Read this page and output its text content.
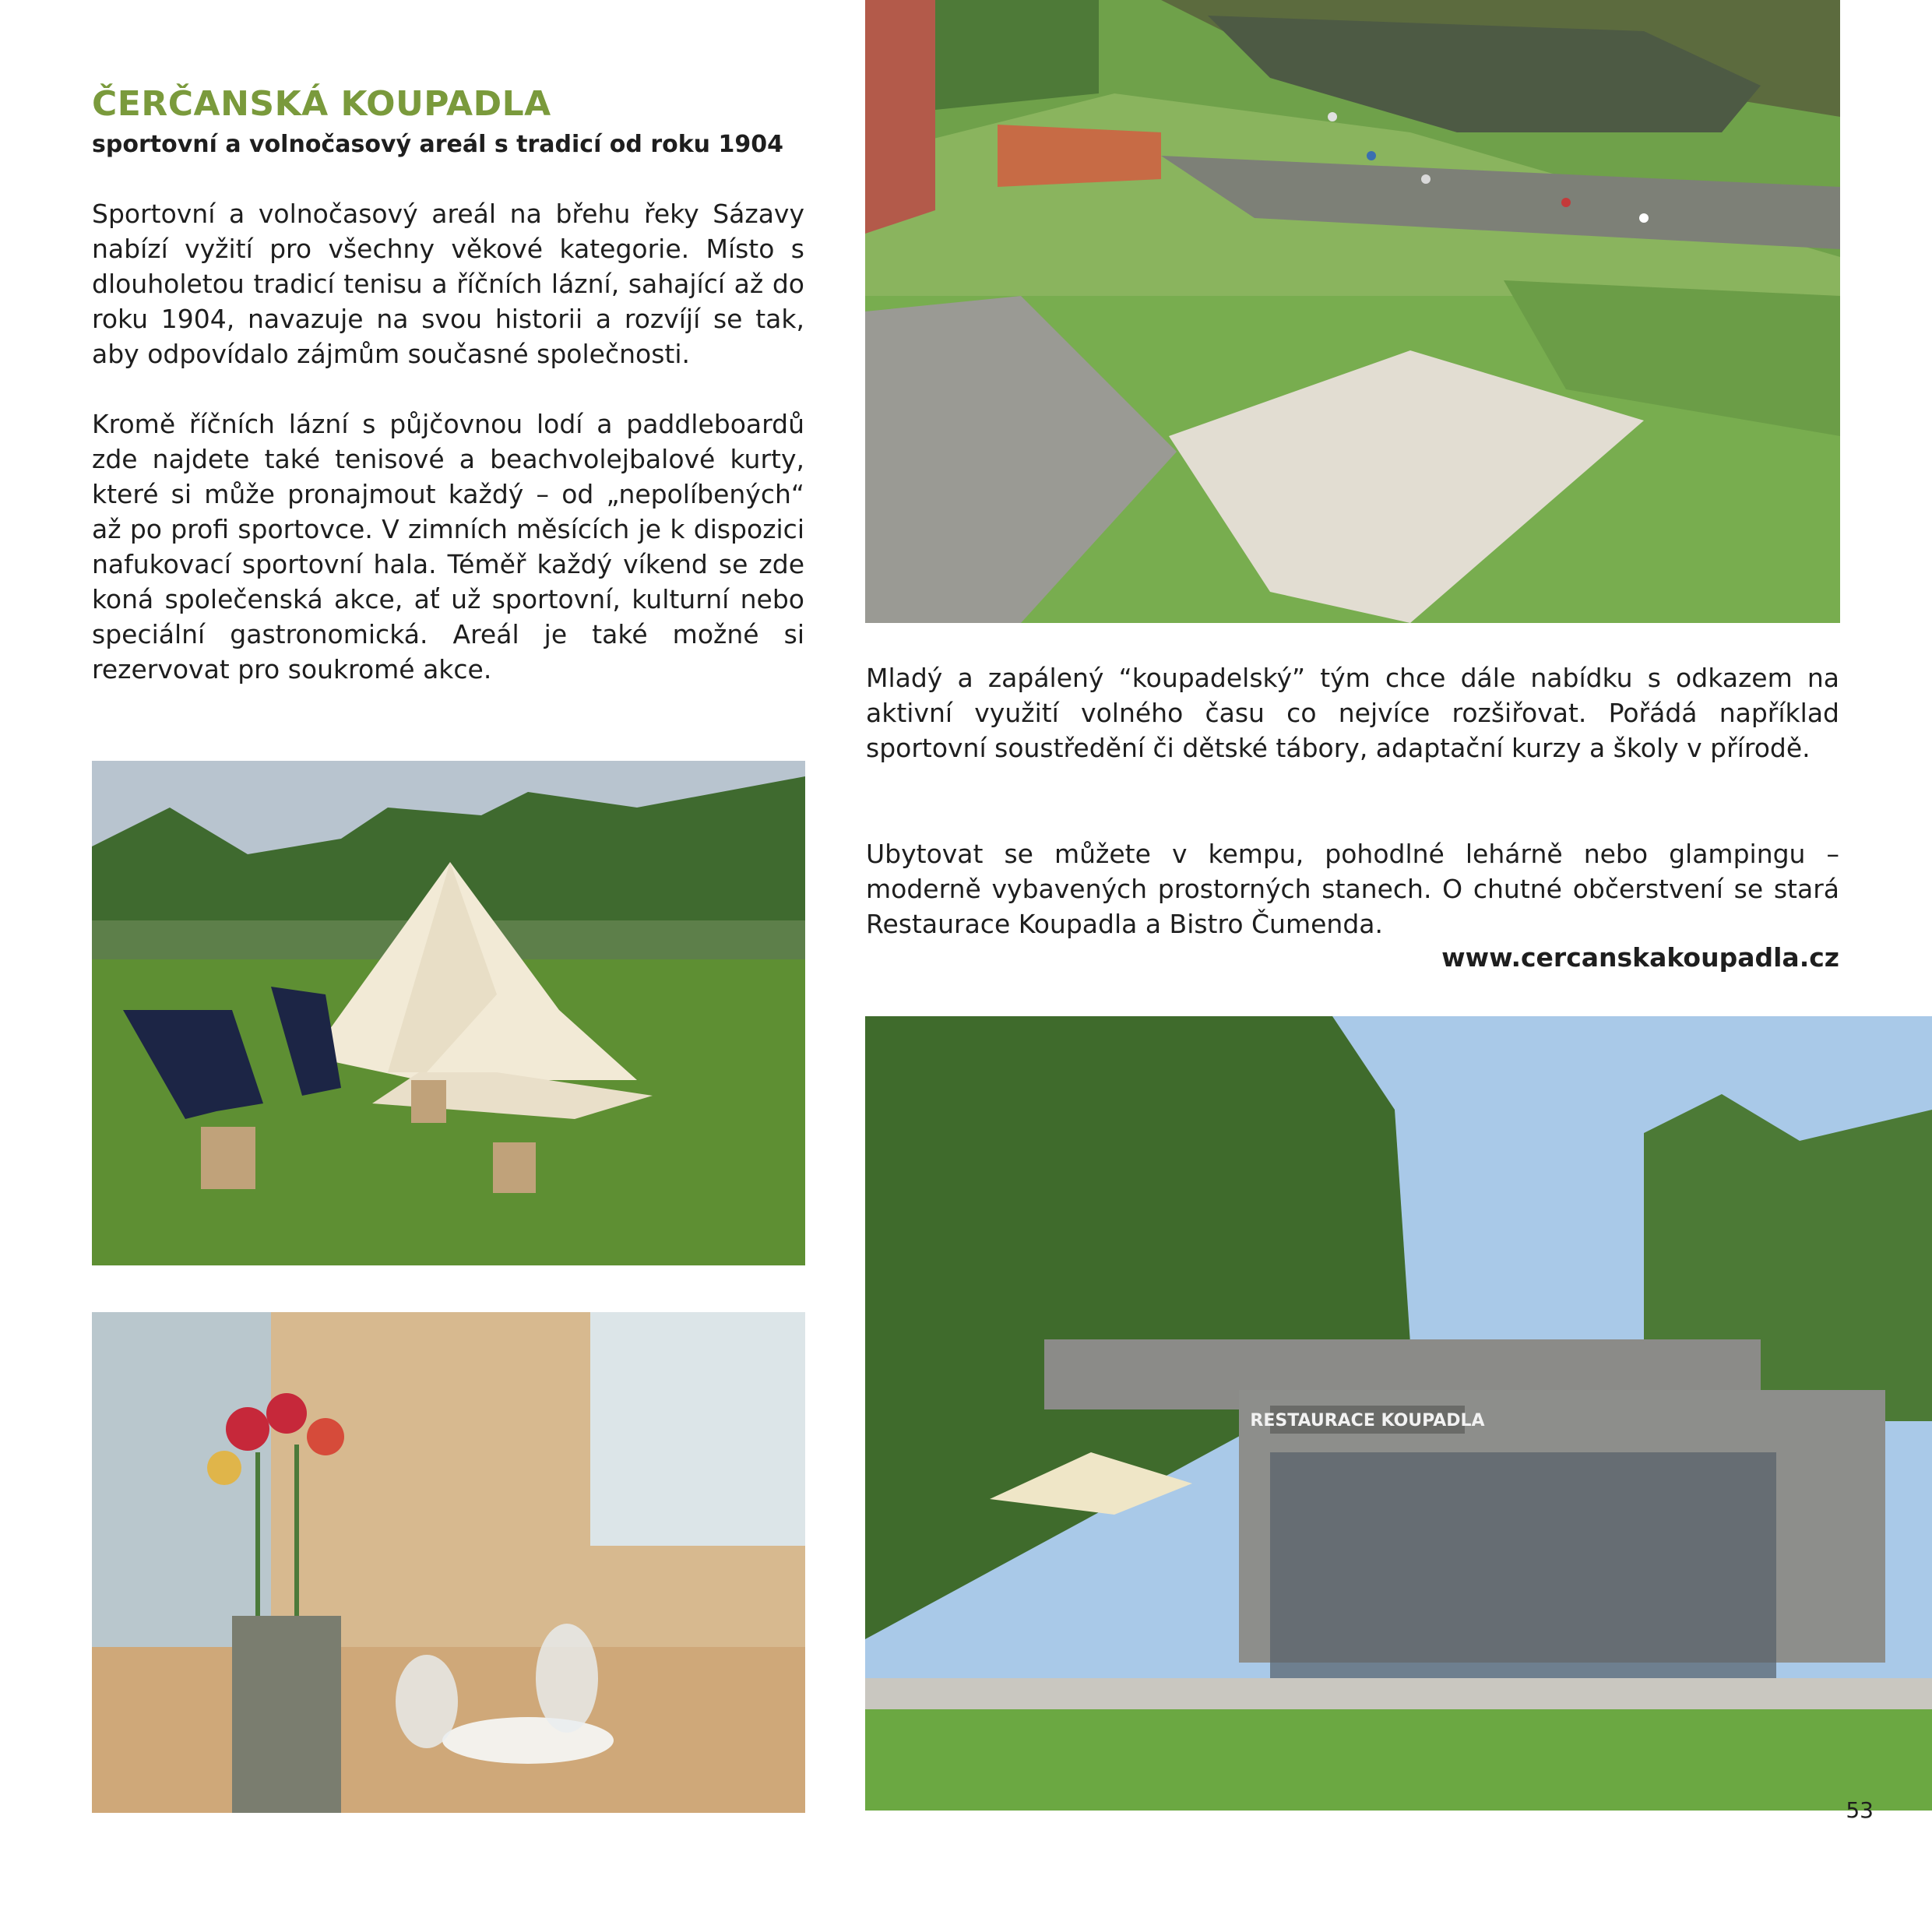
ČERČANSKÁ KOUPADLA

sportovní a volnočasový areál s tradicí od roku 1904

Sportovní a volnočasový areál na břehu řeky Sázavy nabízí vyžití pro všechny věkové kategorie. Místo s dlouholetou tradicí tenisu a říčních lázní, sahající až do roku 1904, navazuje na svou historii a rozvíjí se tak, aby odpovídalo zájmům současné společnosti.

Kromě říčních lázní s půjčovnou lodí a paddleboardů zde najdete také tenisové a beachvolejbalové kurty, které si může pronajmout každý – od „nepolíbených“ až po profi sportovce. V zimních měsících je k dispozici nafukovací sportovní hala. Téměř každý víkend se zde koná společenská akce, ať už sportovní, kulturní nebo speciální gastronomická. Areál je také možné si rezervovat pro soukromé akce.	Mladý a zapálený “koupadelský” tým chce dále nabídku s odkazem na aktivní využití volného času co nejvíce rozšiřovat. Pořádá například sportovní soustředění či dětské tábory, adaptační kurzy a školy v přírodě.

Ubytovat se můžete v kempu, pohodlné lehárně nebo glampingu – moderně vybavených prostorných stanech. O chutné občerstvení se stará Restaurace Koupadla a Bistro Čumenda.

www.cercanskakoupadla.cz

RESTAURACE KOUPADLA
53
